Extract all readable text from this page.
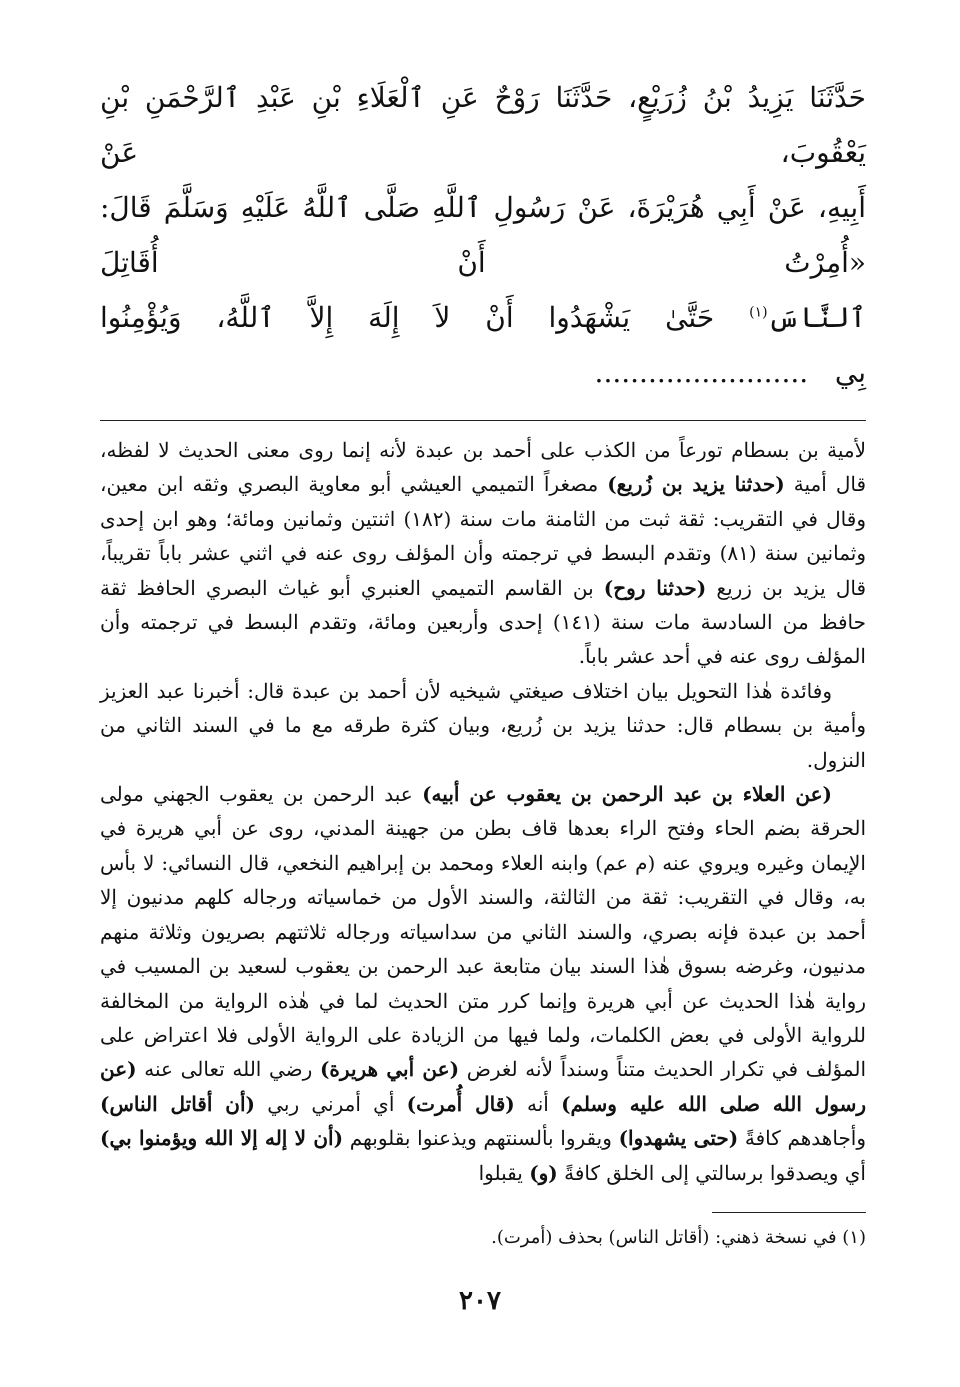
حَدَّثَنَا يَزِيدُ بْنُ زُرَيْعٍ، حَدَّثَنَا رَوْحٌ عَنِ ٱلْعَلَاءِ بْنِ عَبْدِ ٱلرَّحْمَنِ بْنِ يَعْقُوبَ، عَنْ

أَبِيهِ، عَنْ أَبِي هُرَيْرَةَ، عَنْ رَسُولِ ٱللَّهِ صَلَّى ٱللَّهُ عَلَيْهِ وَسَلَّمَ قَالَ: «أُمِرْتُ أَنْ أُقَاتِلَ

ٱلنَّاسَ$^{(١)}$ حَتَّىٰ يَشْهَدُوا أَنْ لاَ إِلَهَ إِلاَّ ٱللَّهُ، وَيُؤْمِنُوا بِي   ........................

لأمية بن بسطام تورعاً من الكذب على أحمد بن عبدة لأنه إنما روى معنى الحديث لا لفظه، قال أمية (حدثنا يزيد بن زُريع) مصغراً التميمي العيشي أبو معاوية البصري وثقه ابن معين، وقال في التقريب: ثقة ثبت من الثامنة مات سنة (١٨٢) اثنتين وثمانين ومائة؛ وهو ابن إحدى وثمانين سنة (٨١) وتقدم البسط في ترجمته وأن المؤلف روى عنه في اثني عشر باباً تقريباً، قال يزيد بن زريع (حدثنا روح) بن القاسم التميمي العنبري أبو غياث البصري الحافظ ثقة حافظ من السادسة مات سنة (١٤١) إحدى وأربعين ومائة، وتقدم البسط في ترجمته وأن المؤلف روى عنه في أحد عشر باباً.

وفائدة هٰذا التحويل بيان اختلاف صيغتي شيخيه لأن أحمد بن عبدة قال: أخبرنا عبد العزيز وأمية بن بسطام قال: حدثنا يزيد بن زُريع، وبيان كثرة طرقه مع ما في السند الثاني من النزول.

(عن العلاء بن عبد الرحمن بن يعقوب عن أبيه) عبد الرحمن بن يعقوب الجهني مولى الحرقة بضم الحاء وفتح الراء بعدها قاف بطن من جهينة المدني، روى عن أبي هريرة في الإيمان وغيره ويروي عنه (م عم) وابنه العلاء ومحمد بن إبراهيم النخعي، قال النسائي: لا بأس به، وقال في التقريب: ثقة من الثالثة، والسند الأول من خماسياته ورجاله كلهم مدنيون إلا أحمد بن عبدة فإنه بصري، والسند الثاني من سداسياته ورجاله ثلاثتهم بصريون وثلاثة منهم مدنيون، وغرضه بسوق هٰذا السند بيان متابعة عبد الرحمن بن يعقوب لسعيد بن المسيب في رواية هٰذا الحديث عن أبي هريرة وإنما كرر متن الحديث لما في هٰذه الرواية من المخالفة للرواية الأولى في بعض الكلمات، ولما فيها من الزيادة على الرواية الأولى فلا اعتراض على المؤلف في تكرار الحديث متناً وسنداً لأنه لغرض (عن أبي هريرة) رضي الله تعالى عنه (عن رسول الله صلى الله عليه وسلم) أنه (قال أُمرت) أي أمرني ربي (أن أقاتل الناس) وأجاهدهم كافةً (حتى يشهدوا) ويقروا بألسنتهم ويذعنوا بقلوبهم (أن لا إله إلا الله ويؤمنوا بي) أي ويصدقوا برسالتي إلى الخلق كافةً (و) يقبلوا

(١) في نسخة ذهني: (أقاتل الناس) بحذف (أمرت).

٢٠٧
